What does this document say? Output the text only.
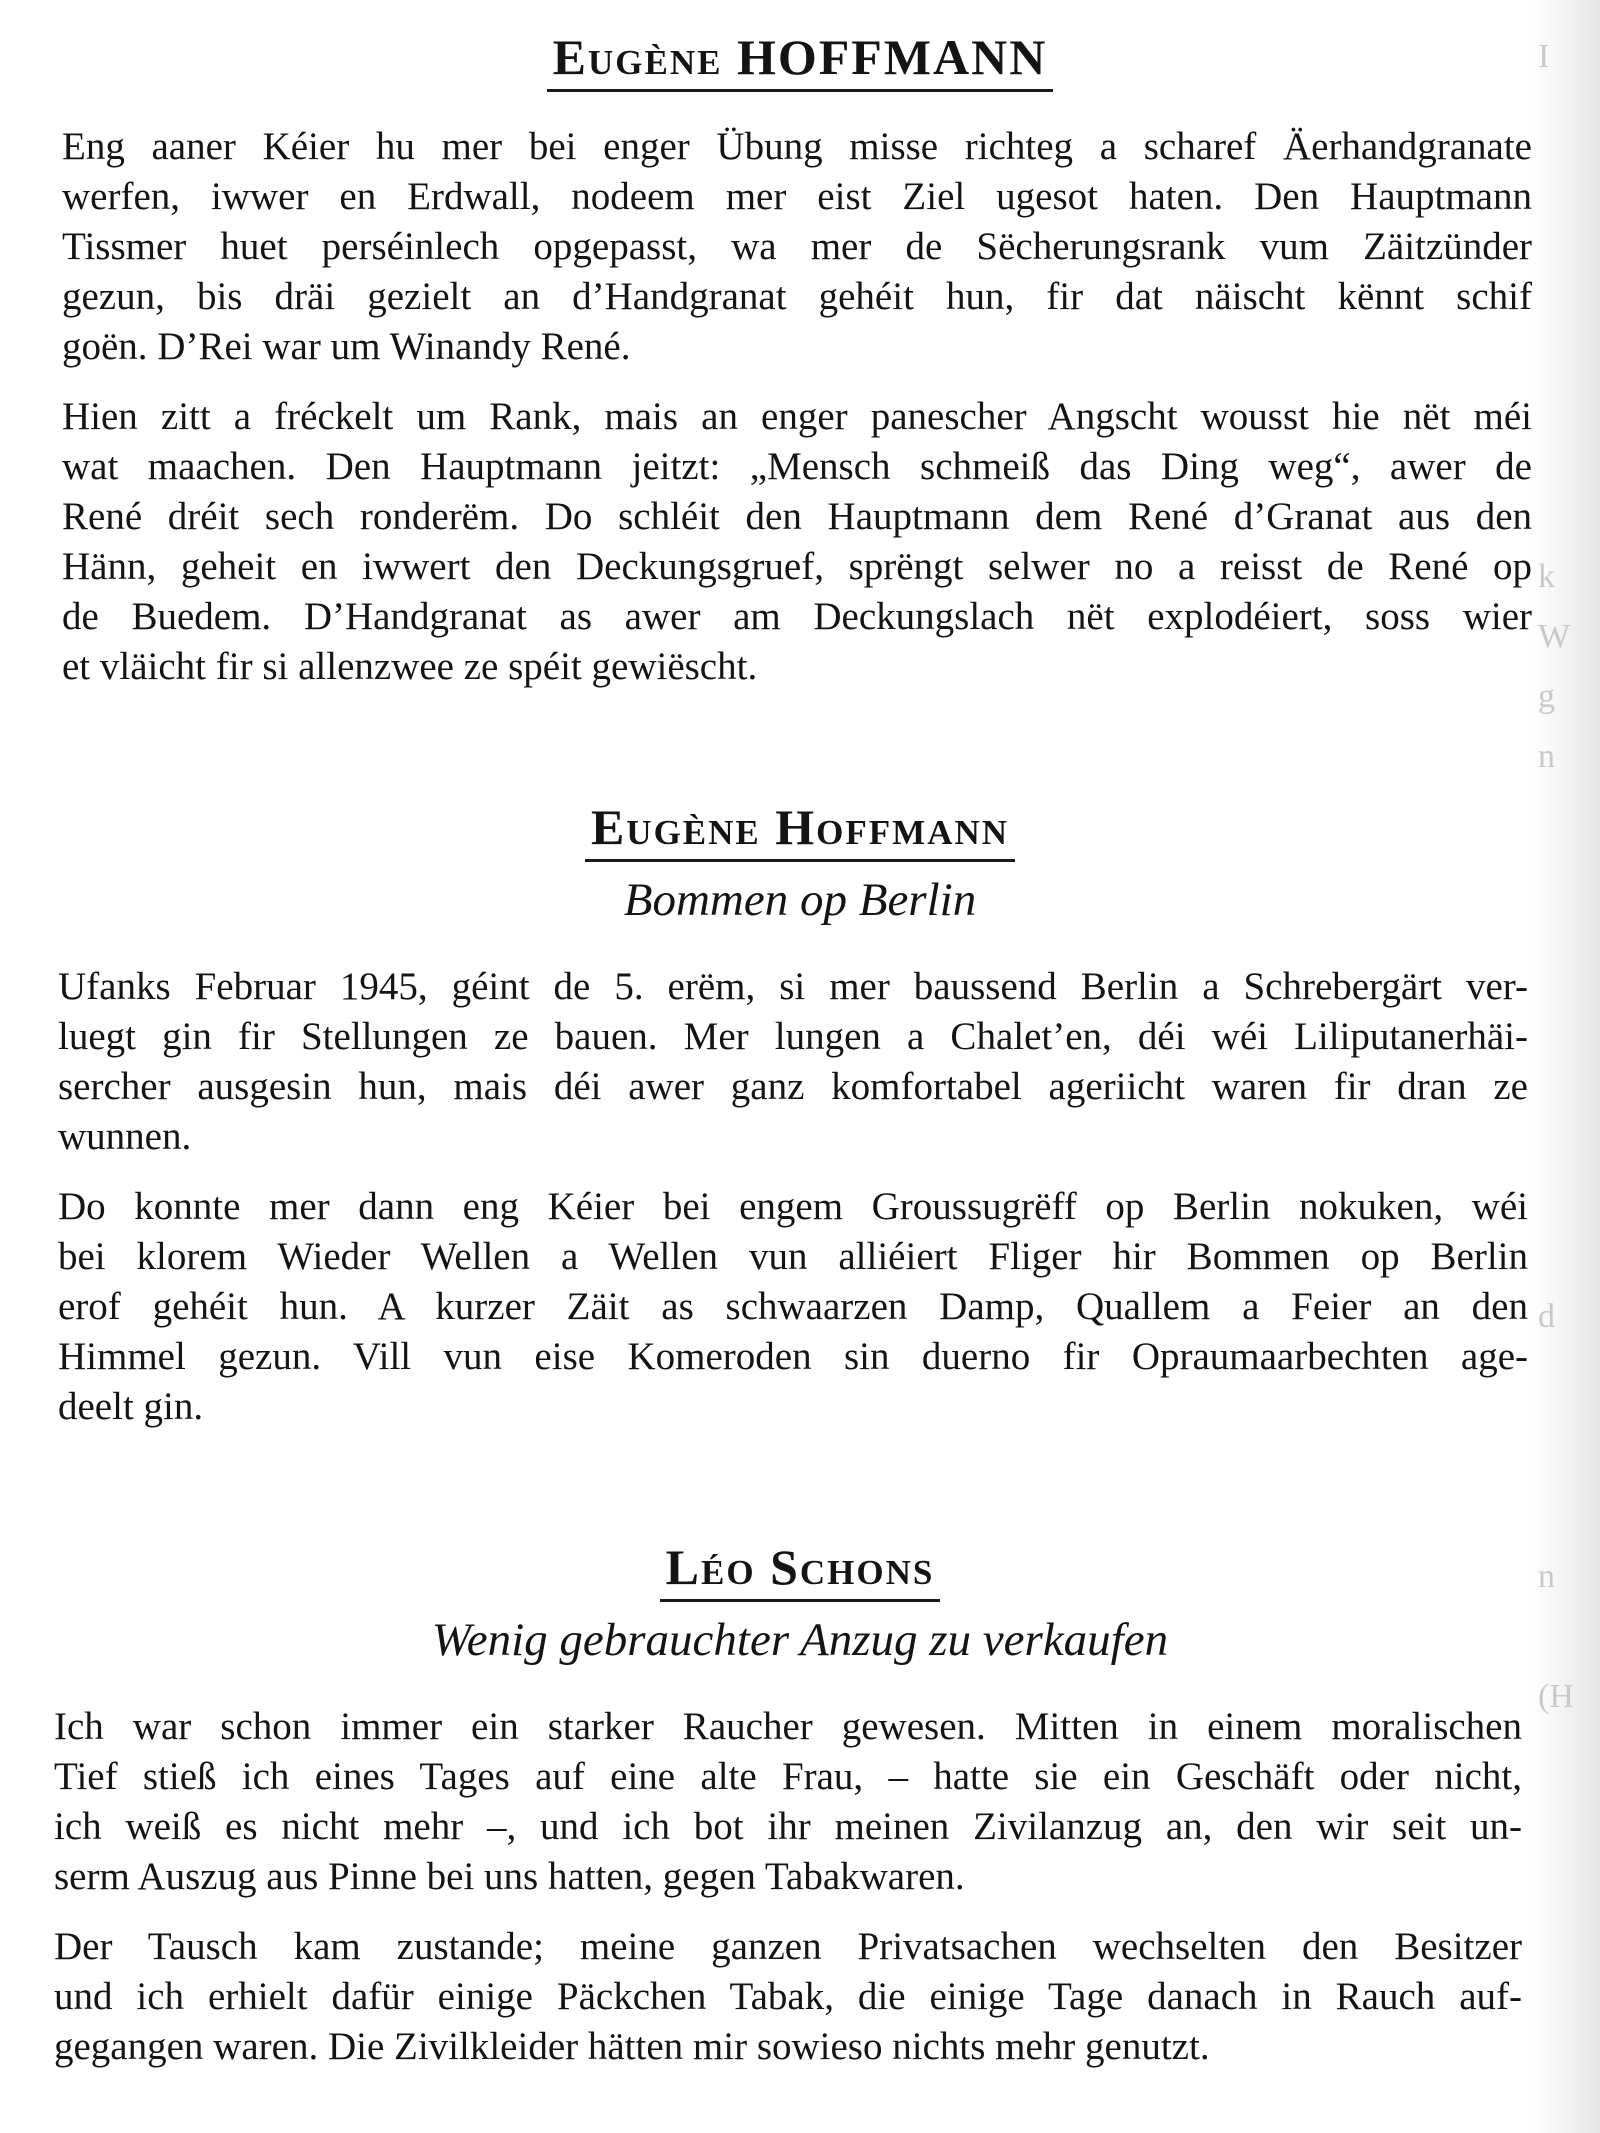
I
k
W
g
n
d
n
(H
Eugène HOFFMANN

Eng aaner Kéier hu mer bei enger Übung misse richteg a scharef Äerhandgranate
werfen, iwwer en Erdwall, nodeem mer eist Ziel ugesot haten. Den Hauptmann
Tissmer huet perséinlech opgepasst, wa mer de Sëcherungsrank vum Zäitzünder
gezun, bis dräi gezielt an d’Handgranat gehéit hun, fir dat näischt kënnt schif
goën. D’Rei war um Winandy René.

Hien zitt a fréckelt um Rank, mais an enger panescher Angscht wousst hie nët méi
wat maachen. Den Hauptmann jeitzt: „Mensch schmeiß das Ding weg“, awer de
René dréit sech ronderëm. Do schléit den Hauptmann dem René d’Granat aus den
Hänn, geheit en iwwert den Deckungsgruef, sprëngt selwer no a reisst de René op
de Buedem. D’Handgranat as awer am Deckungslach nët explodéiert, soss wier
et vläicht fir si allenzwee ze spéit gewiëscht.

Eugène Hoffmann
Bommen op Berlin

Ufanks Februar 1945, géint de 5. erëm, si mer baussend Berlin a Schrebergärt ver-
luegt gin fir Stellungen ze bauen. Mer lungen a Chalet’en, déi wéi Liliputanerhäi-
sercher ausgesin hun, mais déi awer ganz komfortabel ageriicht waren fir dran ze
wunnen.

Do konnte mer dann eng Kéier bei engem Groussugrëff op Berlin nokuken, wéi
bei klorem Wieder Wellen a Wellen vun alliéiert Fliger hir Bommen op Berlin
erof gehéit hun. A kurzer Zäit as schwaarzen Damp, Quallem a Feier an den
Himmel gezun. Vill vun eise Komeroden sin duerno fir Opraumaarbechten age-
deelt gin.

Léo Schons
Wenig gebrauchter Anzug zu verkaufen

Ich war schon immer ein starker Raucher gewesen. Mitten in einem moralischen
Tief stieß ich eines Tages auf eine alte Frau, – hatte sie ein Geschäft oder nicht,
ich weiß es nicht mehr –, und ich bot ihr meinen Zivilanzug an, den wir seit un-
serm Auszug aus Pinne bei uns hatten, gegen Tabakwaren.

Der Tausch kam zustande; meine ganzen Privatsachen wechselten den Besitzer
und ich erhielt dafür einige Päckchen Tabak, die einige Tage danach in Rauch auf-
gegangen waren. Die Zivilkleider hätten mir sowieso nichts mehr genutzt.
